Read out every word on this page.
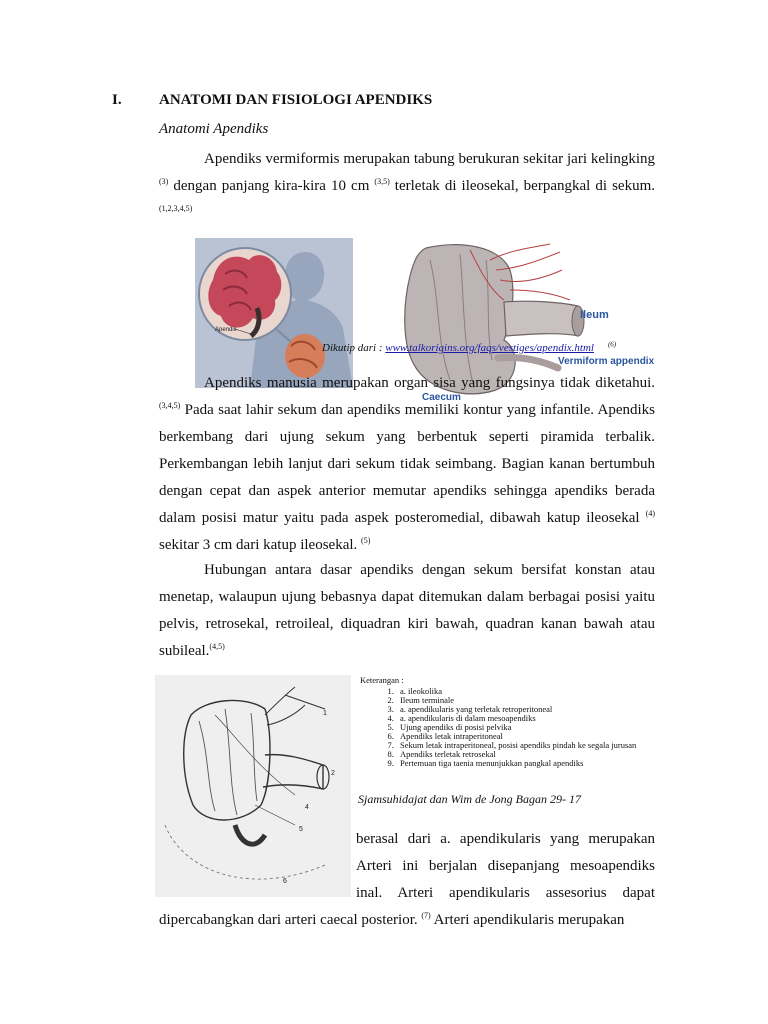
I. ANATOMI DAN FISIOLOGI APENDIKS
Anatomi Apendiks
Apendiks vermiformis merupakan tabung berukuran sekitar jari kelingking $^{(3)}$ dengan panjang kira-kira 10 cm $^{(3,5)}$ terletak di ileosekal, berpangkal di sekum. $^{(1,2,3,4,5)}$
Apendix
Ileum
Vermiform appendix
Caecum
Dikutip dari : www.talkorigins.org/faqs/vestiges/apendix.html $^{(6)}$
Apendiks manusia merupakan organ sisa yang fungsinya tidak diketahui. $^{(3,4,5)}$ Pada saat lahir sekum dan apendiks memiliki kontur yang infantile. Apendiks berkembang dari ujung sekum yang berbentuk seperti piramida terbalik. Perkembangan lebih lanjut dari sekum tidak seimbang. Bagian kanan bertumbuh dengan cepat dan aspek anterior memutar apendiks sehingga apendiks berada dalam posisi matur yaitu pada aspek posteromedial, dibawah katup ileosekal $^{(4)}$ sekitar 3 cm dari katup ileosekal. $^{(5)}$
Hubungan antara dasar apendiks dengan sekum bersifat konstan atau menetap, walaupun ujung bebasnya dapat ditemukan dalam berbagai posisi yaitu pelvis, retrosekal, retroileal, diquadran kiri bawah, quadran kanan bawah atau subileal.$^{(4,5)}$
1
2
4
5
6
Keterangan :
1. a. ileokolika
2. Ileum terminale
3. a. apendikularis yang terletak retroperitoneal
4. a. apendikularis di dalam mesoapendiks
5. Ujung apendiks di posisi pelvika
6. Apendiks letak intraperitoneal
7. Sekum letak intraperitoneal, posisi apendiks pindah ke segala jurusan
8. Apendiks terletak retrosekal
9. Pertemuan tiga taenia menunjukkan pangkal apendiks
Sjamsuhidajat dan Wim de Jong Bagan 29- 17
berasal dari a. apendikularis yang merupakan
Arteri ini berjalan disepanjang mesoapendiks
inal. Arteri apendikularis assesorius dapat
dipercabangkan dari arteri caecal posterior. $^{(7)}$ Arteri apendikularis merupakan
